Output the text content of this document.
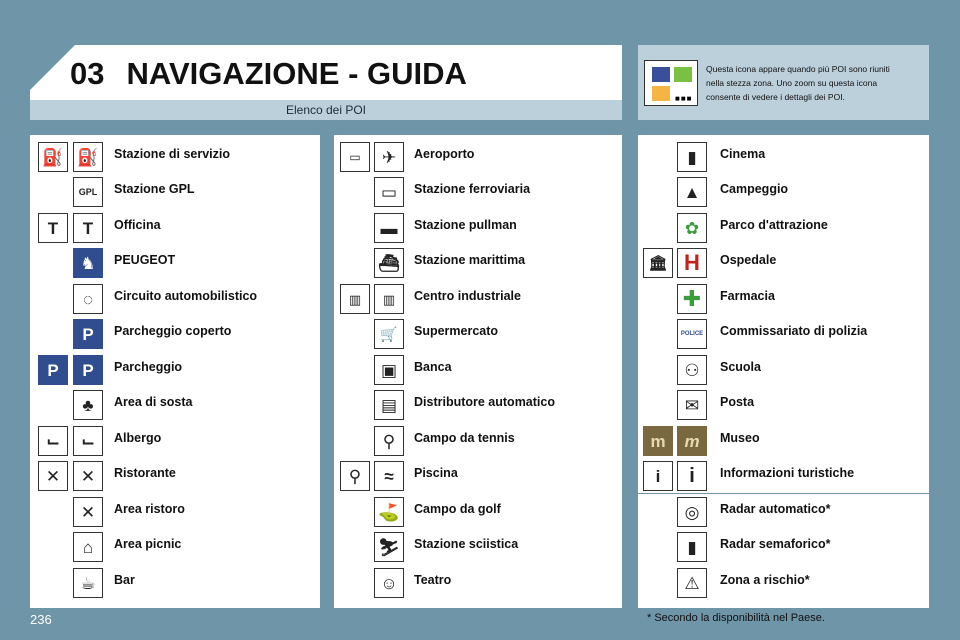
03 NAVIGAZIONE - GUIDA
Elenco dei POI
■■■
Questa icona appare quando più POI sono riuniti
nella stezza zona. Uno zoom su questa icona
consente di vedere i dettagli dei POI.
⛽ ⛽	Stazione di servizio
GPL	Stazione GPL
T	T	Officina
♞	PEUGEOT
◌	Circuito automobilistico
P	Parcheggio coperto
P	P	Parcheggio
♣	Area di sosta
⌙	⌙	Albergo
✕	✕	Ristorante
✕	Area ristoro
⌂	Area picnic
☕	Bar
▭	✈	Aeroporto
▭	Stazione ferroviaria
▬	Stazione pullman
⛴	Stazione marittima
▥	▥	Centro industriale
🛒	Supermercato
▣	Banca
▤	Distributore automatico
⚲	Campo da tennis
⚲	≈	Piscina
⛳	Campo da golf
⛷	Stazione sciistica
☺	Teatro
▮	Cinema
▲	Campeggio
✿	Parco d'attrazione
🏛 H	Ospedale
✚	Farmacia
POLICE	Commissariato di polizia
⚇	Scuola
✉	Posta
m	m	Museo
i	i	Informazioni turistiche
◎	Radar automatico*
▮	Radar semaforico*
⚠	Zona a rischio*
236	* Secondo la disponibilità nel Paese.
